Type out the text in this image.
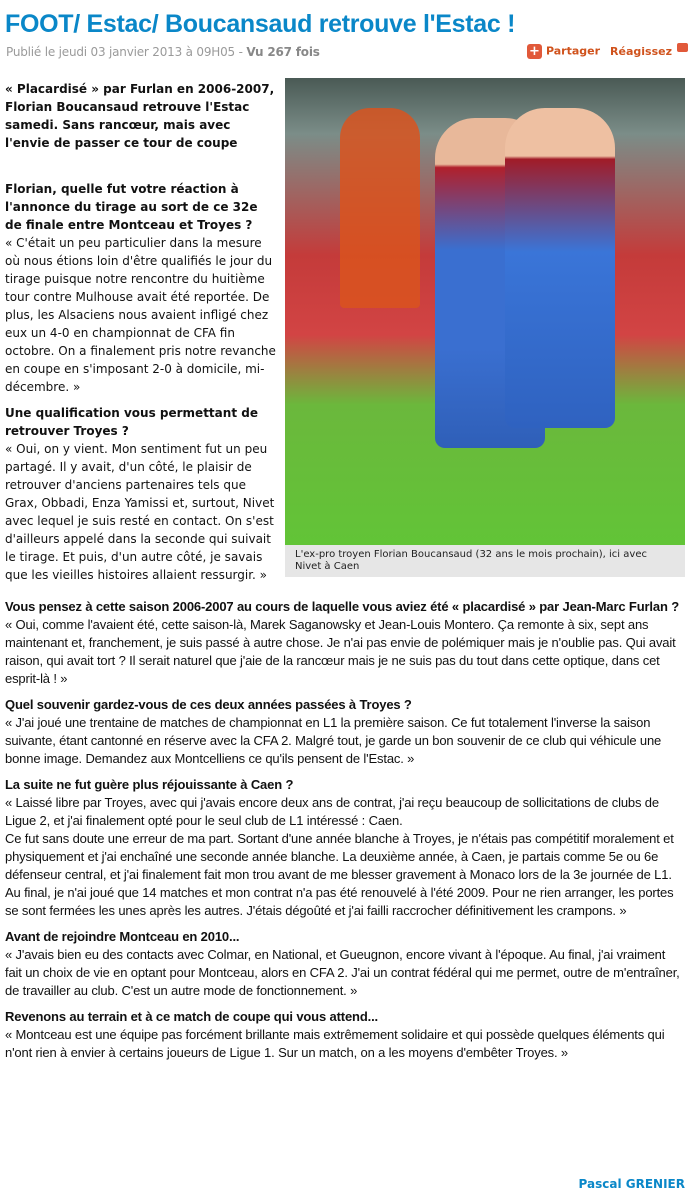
FOOT/ Estac/ Boucansaud retrouve l'Estac !
Publié le jeudi 03 janvier 2013 à 09H05 - Vu 267 fois	+ Partager Réagissez
L'ex-pro troyen Florian Boucansaud (32 ans le mois prochain), ici avec Nivet à Caen

« Placardisé » par Furlan en 2006-2007, Florian Boucansaud retrouve l'Estac samedi. Sans rancœur, mais avec l'envie de passer ce tour de coupe

Florian, quelle fut votre réaction à l'annonce du tirage au sort de ce 32e de finale entre Montceau et Troyes ?
« C'était un peu particulier dans la mesure où nous étions loin d'être qualifiés le jour du tirage puisque notre rencontre du huitième tour contre Mulhouse avait été reportée. De plus, les Alsaciens nous avaient infligé chez eux un 4-0 en championnat de CFA fin octobre. On a finalement pris notre revanche en coupe en s'imposant 2-0 à domicile, mi-décembre. »

Une qualification vous permettant de retrouver Troyes ?
« Oui, on y vient. Mon sentiment fut un peu partagé. Il y avait, d'un côté, le plaisir de retrouver d'anciens partenaires tels que Grax, Obbadi, Enza Yamissi et, surtout, Nivet avec lequel je suis resté en contact. On s'est d'ailleurs appelé dans la seconde qui suivait le tirage. Et puis, d'un autre côté, je savais que les vieilles histoires allaient ressurgir. »

Vous pensez à cette saison 2006-2007 au cours de laquelle vous aviez été « placardisé » par Jean-Marc Furlan ?
« Oui, comme l'avaient été, cette saison-là, Marek Saganowsky et Jean-Louis Montero. Ça remonte à six, sept ans maintenant et, franchement, je suis passé à autre chose. Je n'ai pas envie de polémiquer mais je n'oublie pas. Qui avait raison, qui avait tort ? Il serait naturel que j'aie de la rancœur mais je ne suis pas du tout dans cette optique, dans cet esprit-là ! »

Quel souvenir gardez-vous de ces deux années passées à Troyes ?
« J'ai joué une trentaine de matches de championnat en L1 la première saison. Ce fut totalement l'inverse la saison suivante, étant cantonné en réserve avec la CFA 2. Malgré tout, je garde un bon souvenir de ce club qui véhicule une bonne image. Demandez aux Montcelliens ce qu'ils pensent de l'Estac. »

La suite ne fut guère plus réjouissante à Caen ?
« Laissé libre par Troyes, avec qui j'avais encore deux ans de contrat, j'ai reçu beaucoup de sollicitations de clubs de Ligue 2, et j'ai finalement opté pour le seul club de L1 intéressé : Caen.
Ce fut sans doute une erreur de ma part. Sortant d'une année blanche à Troyes, je n'étais pas compétitif moralement et physiquement et j'ai enchaîné une seconde année blanche. La deuxième année, à Caen, je partais comme 5e ou 6e défenseur central, et j'ai finalement fait mon trou avant de me blesser gravement à Monaco lors de la 3e journée de L1.
Au final, je n'ai joué que 14 matches et mon contrat n'a pas été renouvelé à l'été 2009. Pour ne rien arranger, les portes se sont fermées les unes après les autres. J'étais dégoûté et j'ai failli raccrocher définitivement les crampons. »

Avant de rejoindre Montceau en 2010...
« J'avais bien eu des contacts avec Colmar, en National, et Gueugnon, encore vivant à l'époque. Au final, j'ai vraiment fait un choix de vie en optant pour Montceau, alors en CFA 2. J'ai un contrat fédéral qui me permet, outre de m'entraîner, de travailler au club. C'est un autre mode de fonctionnement. »

Revenons au terrain et à ce match de coupe qui vous attend...
« Montceau est une équipe pas forcément brillante mais extrêmement solidaire et qui possède quelques éléments qui n'ont rien à envier à certains joueurs de Ligue 1. Sur un match, on a les moyens d'embêter Troyes. »

Pascal GRENIER
